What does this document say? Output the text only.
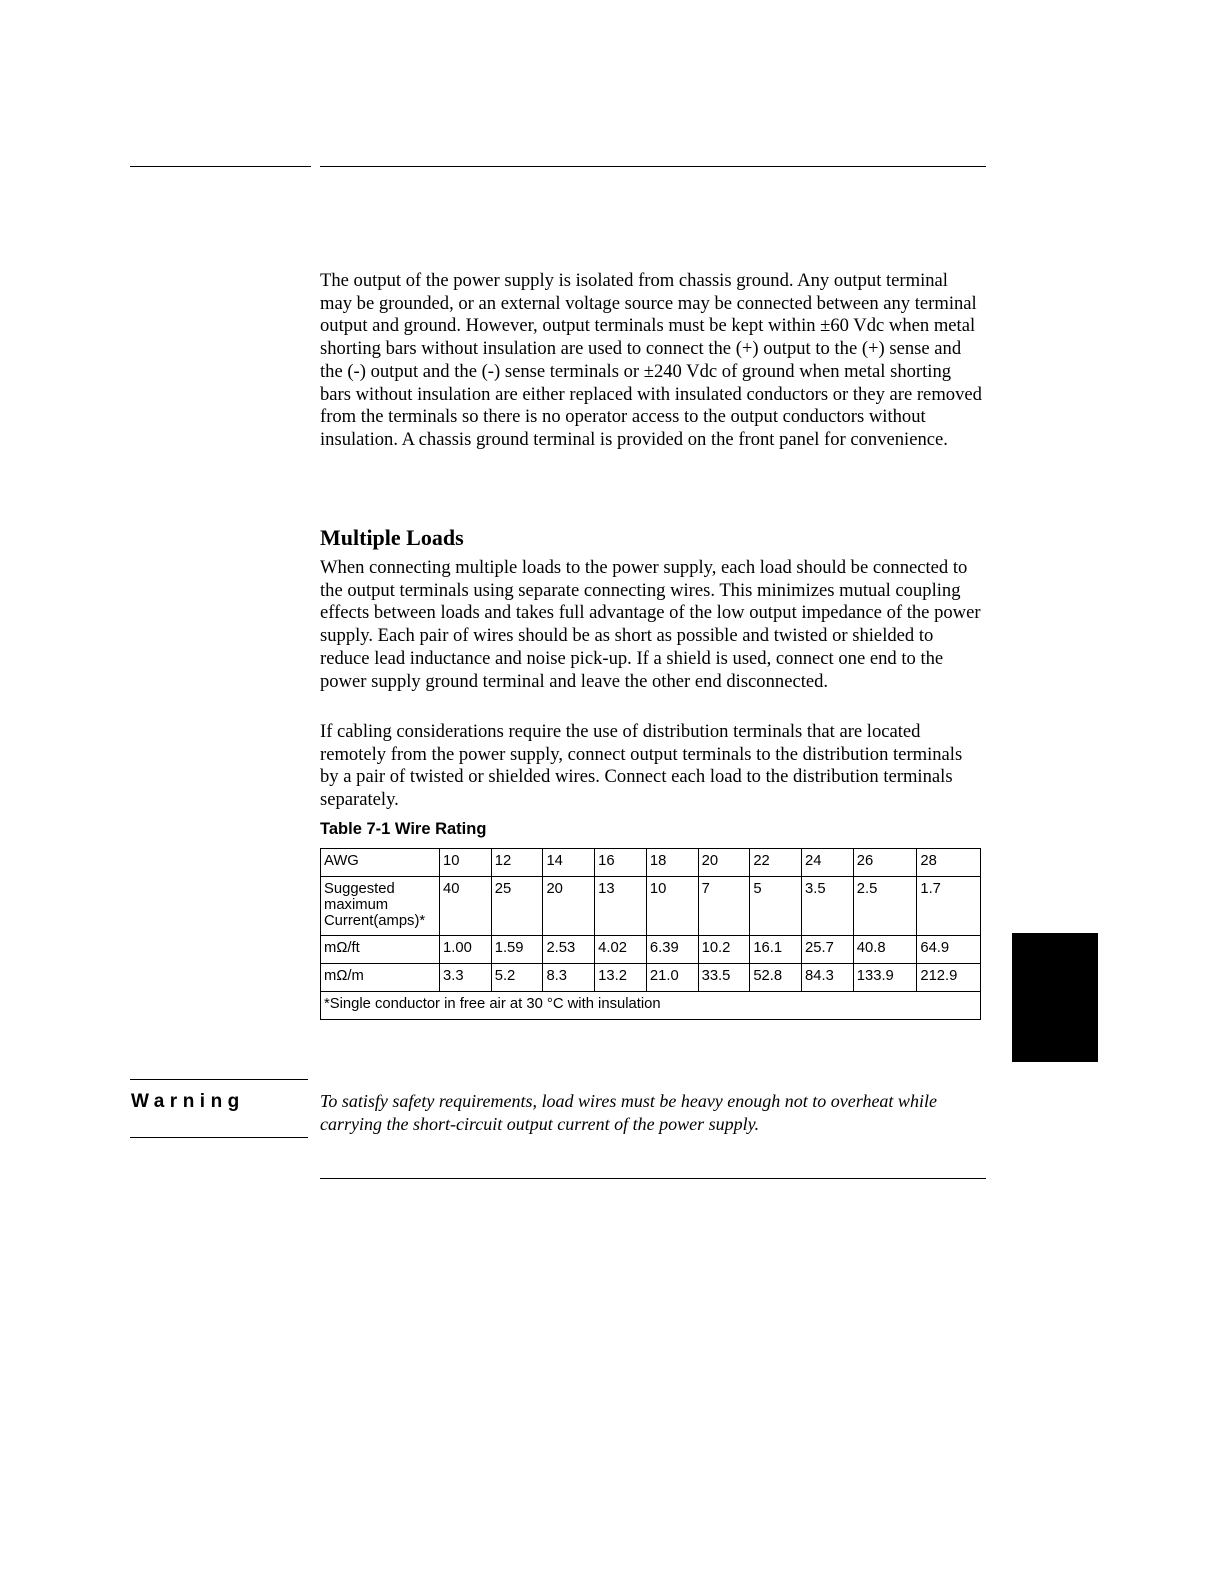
The output of the power supply is isolated from chassis ground. Any output terminal may be grounded, or an external voltage source may be connected between any terminal output and ground. However, output terminals must be kept within ±60 Vdc when metal shorting bars without insulation are used to connect the (+) output to the (+) sense and the (-) output and the (-) sense terminals or ±240 Vdc of ground when metal shorting bars without insulation are either replaced with insulated conductors or they are removed from the terminals so there is no operator access to the output conductors without insulation. A chassis ground terminal is provided on the front panel for convenience.

Multiple Loads

When connecting multiple loads to the power supply, each load should be connected to the output terminals using separate connecting wires. This minimizes mutual coupling effects between loads and takes full advantage of the low output impedance of the power supply. Each pair of wires should be as short as possible and twisted or shielded to reduce lead inductance and noise pick-up. If a shield is used, connect one end to the power supply ground terminal and leave the other end disconnected.

If cabling considerations require the use of distribution terminals that are located remotely from the power supply, connect output terminals to the distribution terminals by a pair of twisted or shielded wires. Connect each load to the distribution terminals separately.

Table 7-1 Wire Rating

AWG	10	12	14	16	18	20	22	24	26	28
Suggested maximum Current(amps)*	40	25	20	13	10	7	5	3.5	2.5	1.7
mΩ/ft	1.00	1.59	2.53	4.02	6.39	10.2	16.1	25.7	40.8	64.9
mΩ/m	3.3	5.2	8.3	13.2	21.0	33.5	52.8	84.3	133.9	212.9
*Single conductor in free air at 30 °C with insulation										

Warning	To satisfy safety requirements, load wires must be heavy enough not to overheat while carrying the short-circuit output current of the power supply.
